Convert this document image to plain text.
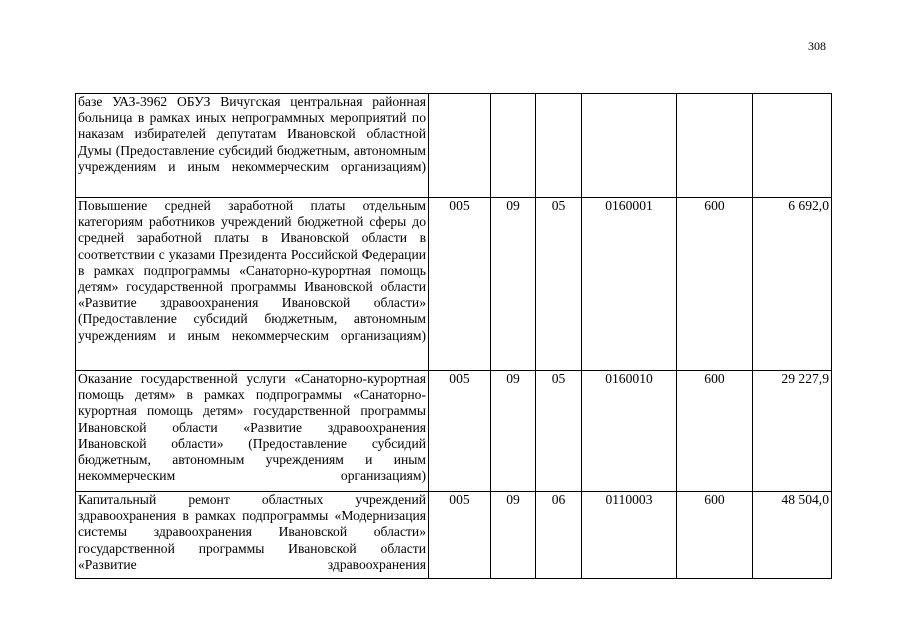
308
базе УАЗ-3962 ОБУЗ Вичугская центральная районная больница в рамках иных непрограммных мероприятий по наказам избирателей депутатам Ивановской областной Думы (Предоставление субсидий бюджетным, автономным учреждениям и иным некоммерческим организациям)						
Повышение средней заработной платы отдельным категориям работников учреждений бюджетной сферы до средней заработной платы в Ивановской области в соответствии с указами Президента Российской Федерации в рамках подпрограммы «Санаторно-курортная помощь детям» государственной программы Ивановской области «Развитие здравоохранения Ивановской области» (Предоставление субсидий бюджетным, автономным учреждениям и иным некоммерческим организациям)	005	09	05	0160001	600	6 692,0
Оказание государственной услуги «Санаторно-курортная помощь детям» в рамках подпрограммы «Санаторно-курортная помощь детям» государственной программы Ивановской области «Развитие здравоохранения Ивановской области» (Предоставление субсидий бюджетным, автономным учреждениям и иным некоммерческим организациям)	005	09	05	0160010	600	29 227,9
Капитальный ремонт областных учреждений здравоохранения в рамках подпрограммы «Модернизация системы здравоохранения Ивановской области» государственной программы Ивановской области «Развитие здравоохранения	005	09	06	0110003	600	48 504,0
